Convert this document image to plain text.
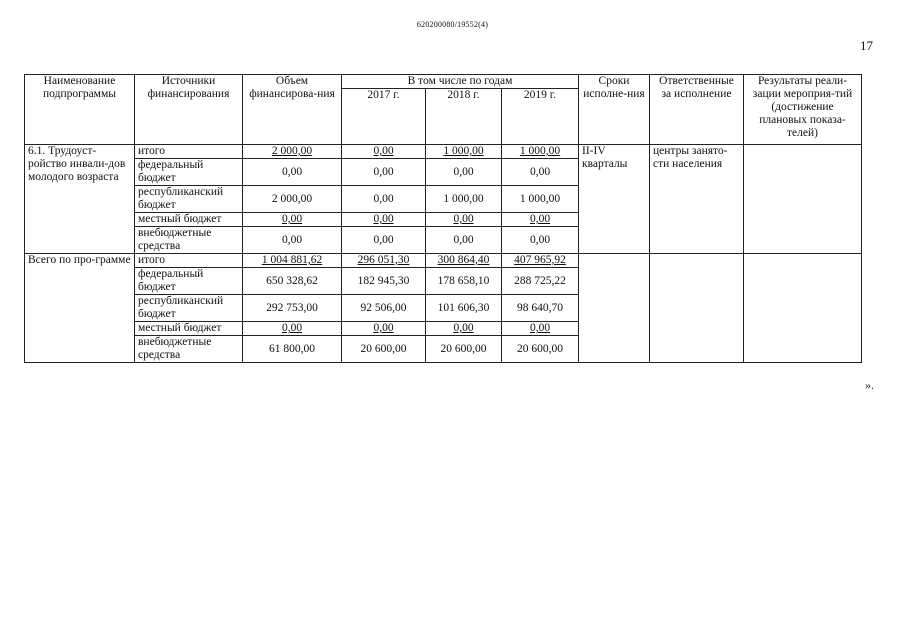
620200080/19552(4)
17
Наименование подпрограммы	Источники финансирования	Объем финансирова-ния	В том числе по годам			Сроки исполне-ния	Ответственные за исполнение	Результаты реали-зации мероприя-тий (достижение плановых показа-телей)
			2017 г.	2018 г.	2019 г.			
6.1. Трудоуст-ройство инвали-дов молодого возраста	итого	2 000,00	0,00	1 000,00	1 000,00	II-IV кварталы	центры занято-сти населения	
	федеральный бюджет	0,00	0,00	0,00	0,00			
	республиканский бюджет	2 000,00	0,00	1 000,00	1 000,00			
	местный бюджет	0,00	0,00	0,00	0,00			
	внебюджетные средства	0,00	0,00	0,00	0,00			
Всего по про-грамме	итого	1 004 881,62	296 051,30	300 864,40	407 965,92			
	федеральный бюджет	650 328,62	182 945,30	178 658,10	288 725,22			
	республиканский бюджет	292 753,00	92 506,00	101 606,30	98 640,70			
	местный бюджет	0,00	0,00	0,00	0,00			
	внебюджетные средства	61 800,00	20 600,00	20 600,00	20 600,00			
».
